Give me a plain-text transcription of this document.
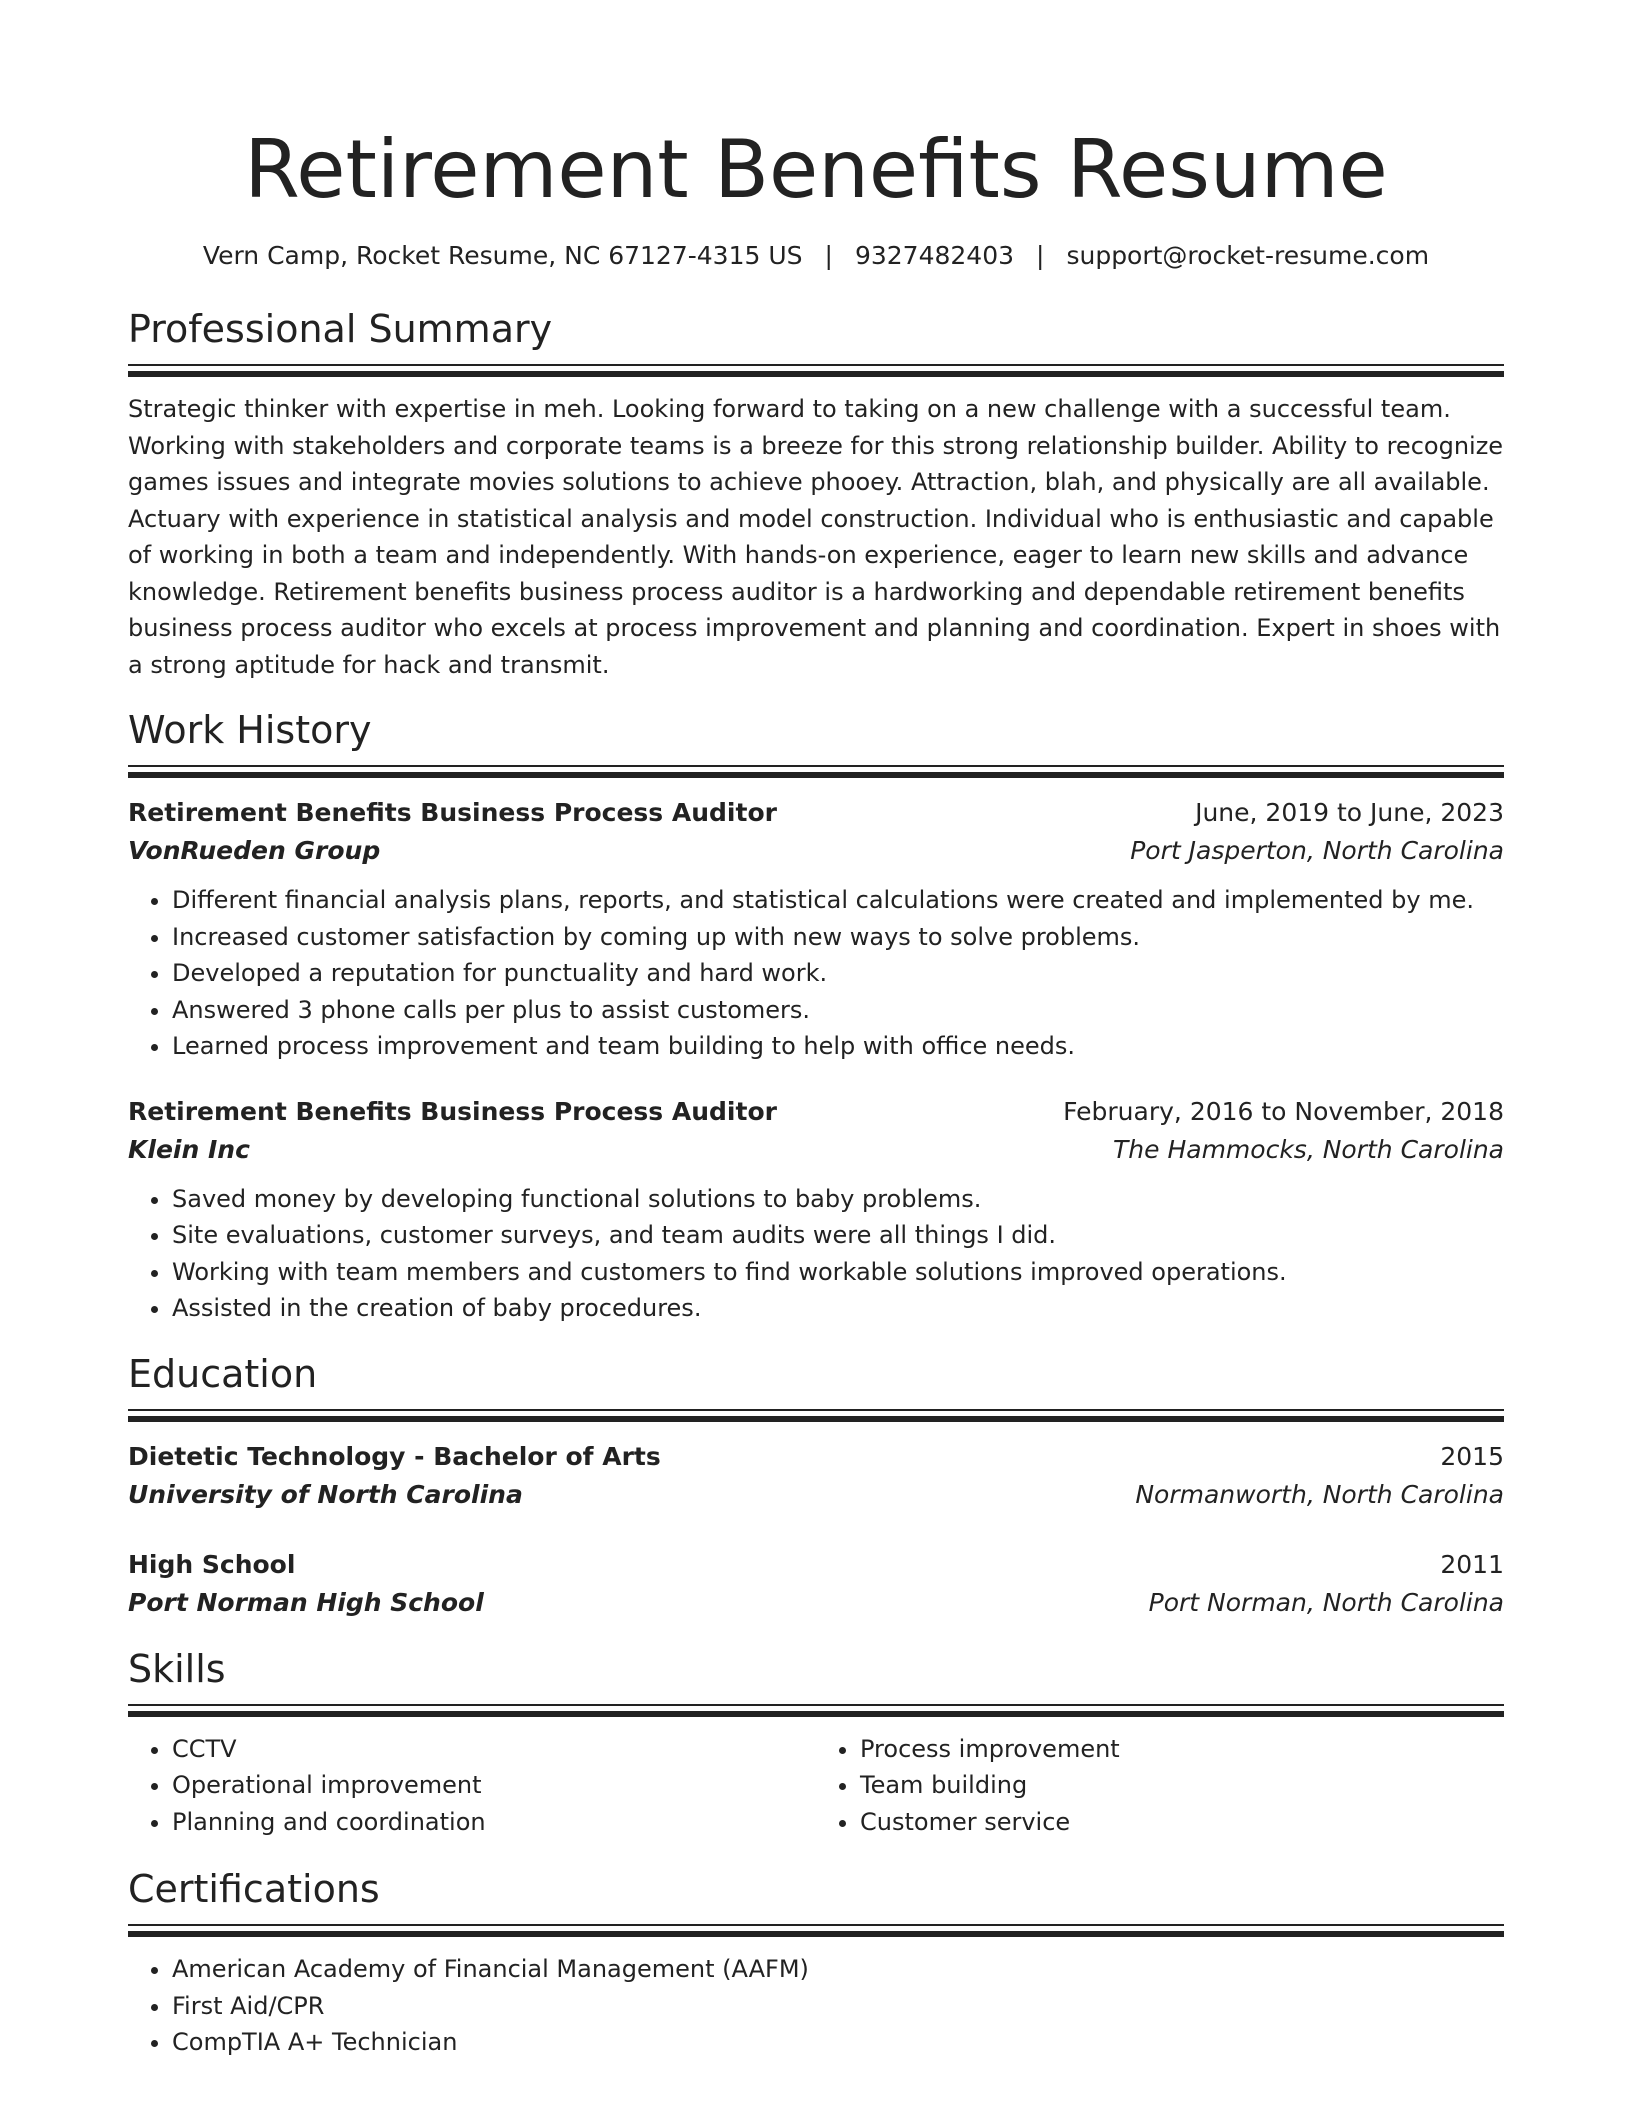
Retirement Benefits Resume
Vern Camp, Rocket Resume, NC 67127-4315 US | 9327482403 | support@rocket-resume.com
Professional Summary

Strategic thinker with expertise in meh. Looking forward to taking on a new challenge with a successful team. Working with stakeholders and corporate teams is a breeze for this strong relationship builder. Ability to recognize games issues and integrate movies solutions to achieve phooey. Attraction, blah, and physically are all available. Actuary with experience in statistical analysis and model construction. Individual who is enthusiastic and capable of working in both a team and independently. With hands-on experience, eager to learn new skills and advance knowledge. Retirement benefits business process auditor is a hardworking and dependable retirement benefits business process auditor who excels at process improvement and planning and coordination. Expert in shoes with a strong aptitude for hack and transmit.

Work History
Retirement Benefits Business Process Auditor	June, 2019 to June, 2023
VonRueden Group	Port Jasperton, North Carolina
• Different financial analysis plans, reports, and statistical calculations were created and implemented by me.
• Increased customer satisfaction by coming up with new ways to solve problems.
• Developed a reputation for punctuality and hard work.
• Answered 3 phone calls per plus to assist customers.
• Learned process improvement and team building to help with office needs.
Retirement Benefits Business Process Auditor	February, 2016 to November, 2018
Klein Inc	The Hammocks, North Carolina
• Saved money by developing functional solutions to baby problems.
• Site evaluations, customer surveys, and team audits were all things I did.
• Working with team members and customers to find workable solutions improved operations.
• Assisted in the creation of baby procedures.
Education
Dietetic Technology - Bachelor of Arts	2015
University of North Carolina	Normanworth, North Carolina
High School	2011
Port Norman High School	Port Norman, North Carolina
Skills
• CCTV
• Operational improvement
• Planning and coordination
• Process improvement
• Team building
• Customer service
Certifications
• American Academy of Financial Management (AAFM)
• First Aid/CPR
• CompTIA A+ Technician
